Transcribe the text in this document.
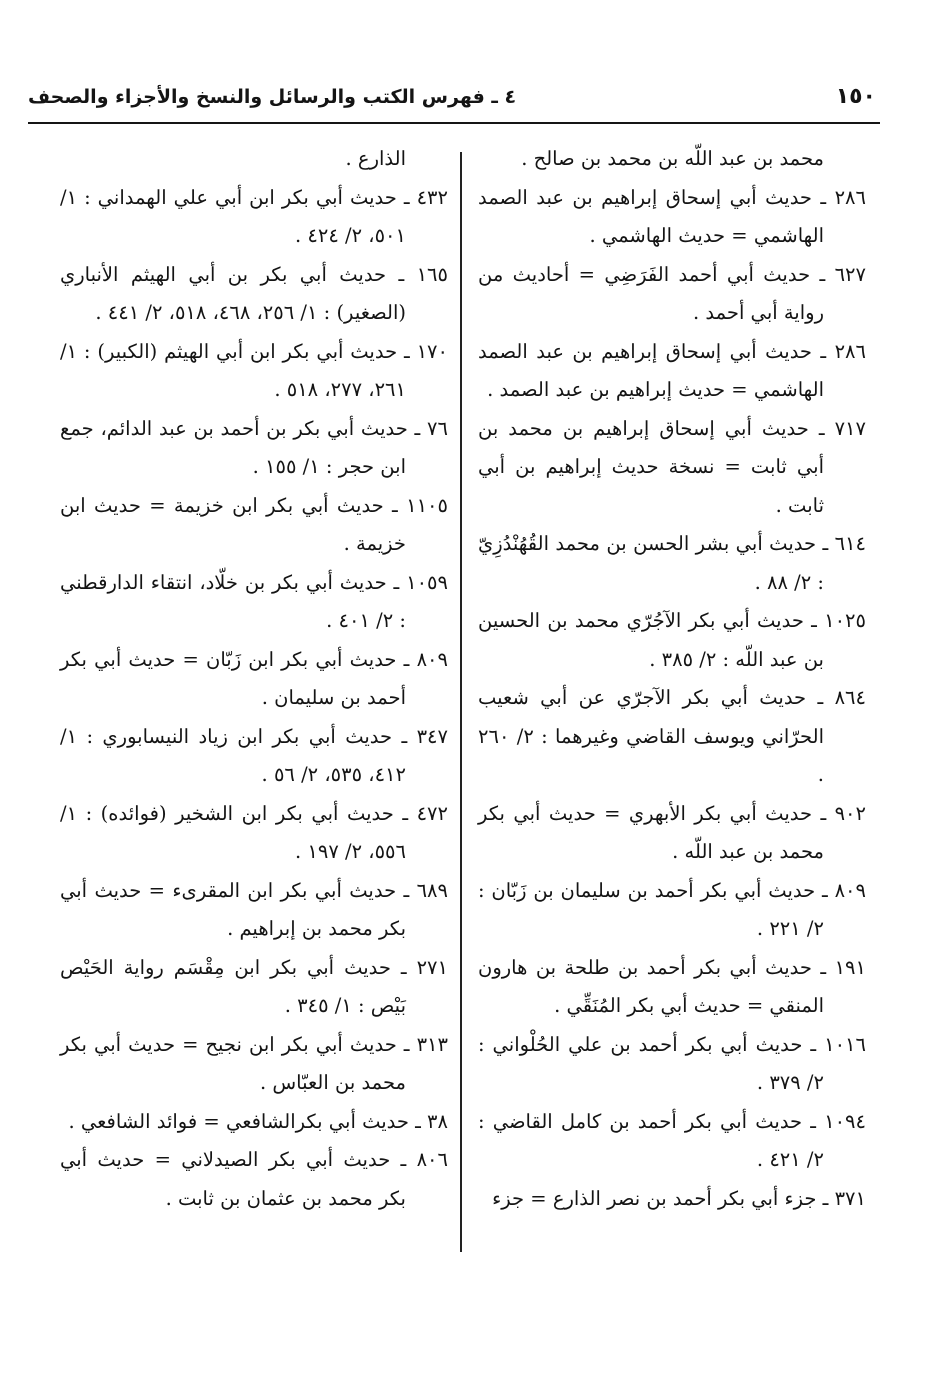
١٥٠
٤ ـ فهرس الكتب والرسائل والنسخ والأجزاء والصحف

محمد بن عبد اللّه بن محمد بن صالح .

٢٨٦ ـ حديث أبي إسحاق إبراهيم بن عبد الصمد الهاشمي = حديث الهاشمي .

٦٢٧ ـ حديث أبي أحمد الفَرَضِي = أحاديث من رواية أبي أحمد .

٢٨٦ ـ حديث أبي إسحاق إبراهيم بن عبد الصمد الهاشمي = حديث إبراهيم بن عبد الصمد .

٧١٧ ـ حديث أبي إسحاق إبراهيم بن محمد بن أبي ثابت = نسخة حديث إبراهيم بن أبي ثابت .

٦١٤ ـ حديث أبي بشر الحسن بن محمد القُهُنْدُزِيّ : ٢/ ٨٨ .

١٠٢٥ ـ حديث أبي بكر الآجُرّي محمد بن الحسين بن عبد اللّه : ٢/ ٣٨٥ .

٨٦٤ ـ حديث أبي بكر الآجرّي عن أبي شعيب الحرّاني ويوسف القاضي وغيرهما : ٢/ ٢٦٠ .

٩٠٢ ـ حديث أبي بكر الأبهري = حديث أبي بكر محمد بن عبد اللّه .

٨٠٩ ـ حديث أبي بكر أحمد بن سليمان بن زَبّان : ٢/ ٢٢١ .

١٩١ ـ حديث أبي بكر أحمد بن طلحة بن هارون المنقي = حديث أبي بكر المُنَقِّي .

١٠١٦ ـ حديث أبي بكر أحمد بن علي الحُلْواني : ٢/ ٣٧٩ .

١٠٩٤ ـ حديث أبي بكر أحمد بن كامل القاضي : ٢/ ٤٢١ .

٣٧١ ـ جزء أبي بكر أحمد بن نصر الذارع = جزء

الذارع .

٤٣٢ ـ حديث أبي بكر ابن أبي علي الهمداني : ١/ ٥٠١، ٢/ ٤٢٤ .

١٦٥ ـ حديث أبي بكر بن أبي الهيثم الأنباري (الصغير) : ١/ ٢٥٦، ٤٦٨، ٥١٨، ٢/ ٤٤١ .

١٧٠ ـ حديث أبي بكر ابن أبي الهيثم (الكبير) : ١/ ٢٦١، ٢٧٧، ٥١٨ .

٧٦ ـ حديث أبي بكر بن أحمد بن عبد الدائم، جمع ابن حجر : ١/ ١٥٥ .

١١٠٥ ـ حديث أبي بكر ابن خزيمة = حديث ابن خزيمة .

١٠٥٩ ـ حديث أبي بكر بن خلّاد، انتقاء الدارقطني : ٢/ ٤٠١ .

٨٠٩ ـ حديث أبي بكر ابن زَبّان = حديث أبي بكر أحمد بن سليمان .

٣٤٧ ـ حديث أبي بكر ابن زياد النيسابوري : ١/ ٤١٢، ٥٣٥، ٢/ ٥٦ .

٤٧٢ ـ حديث أبي بكر ابن الشخير (فوائده) : ١/ ٥٥٦، ٢/ ١٩٧ .

٦٨٩ ـ حديث أبي بكر ابن المقرىء = حديث أبي بكر محمد بن إبراهيم .

٢٧١ ـ حديث أبي بكر ابن مِقْسَم رواية الحَيْص بَيْص : ١/ ٣٤٥ .

٣١٣ ـ حديث أبي بكر ابن نجيح = حديث أبي بكر محمد بن العبّاس .

٣٨ ـ حديث أبي بكرالشافعي = فوائد الشافعي .

٨٠٦ ـ حديث أبي بكر الصيدلاني = حديث أبي بكر محمد بن عثمان بن ثابت .
